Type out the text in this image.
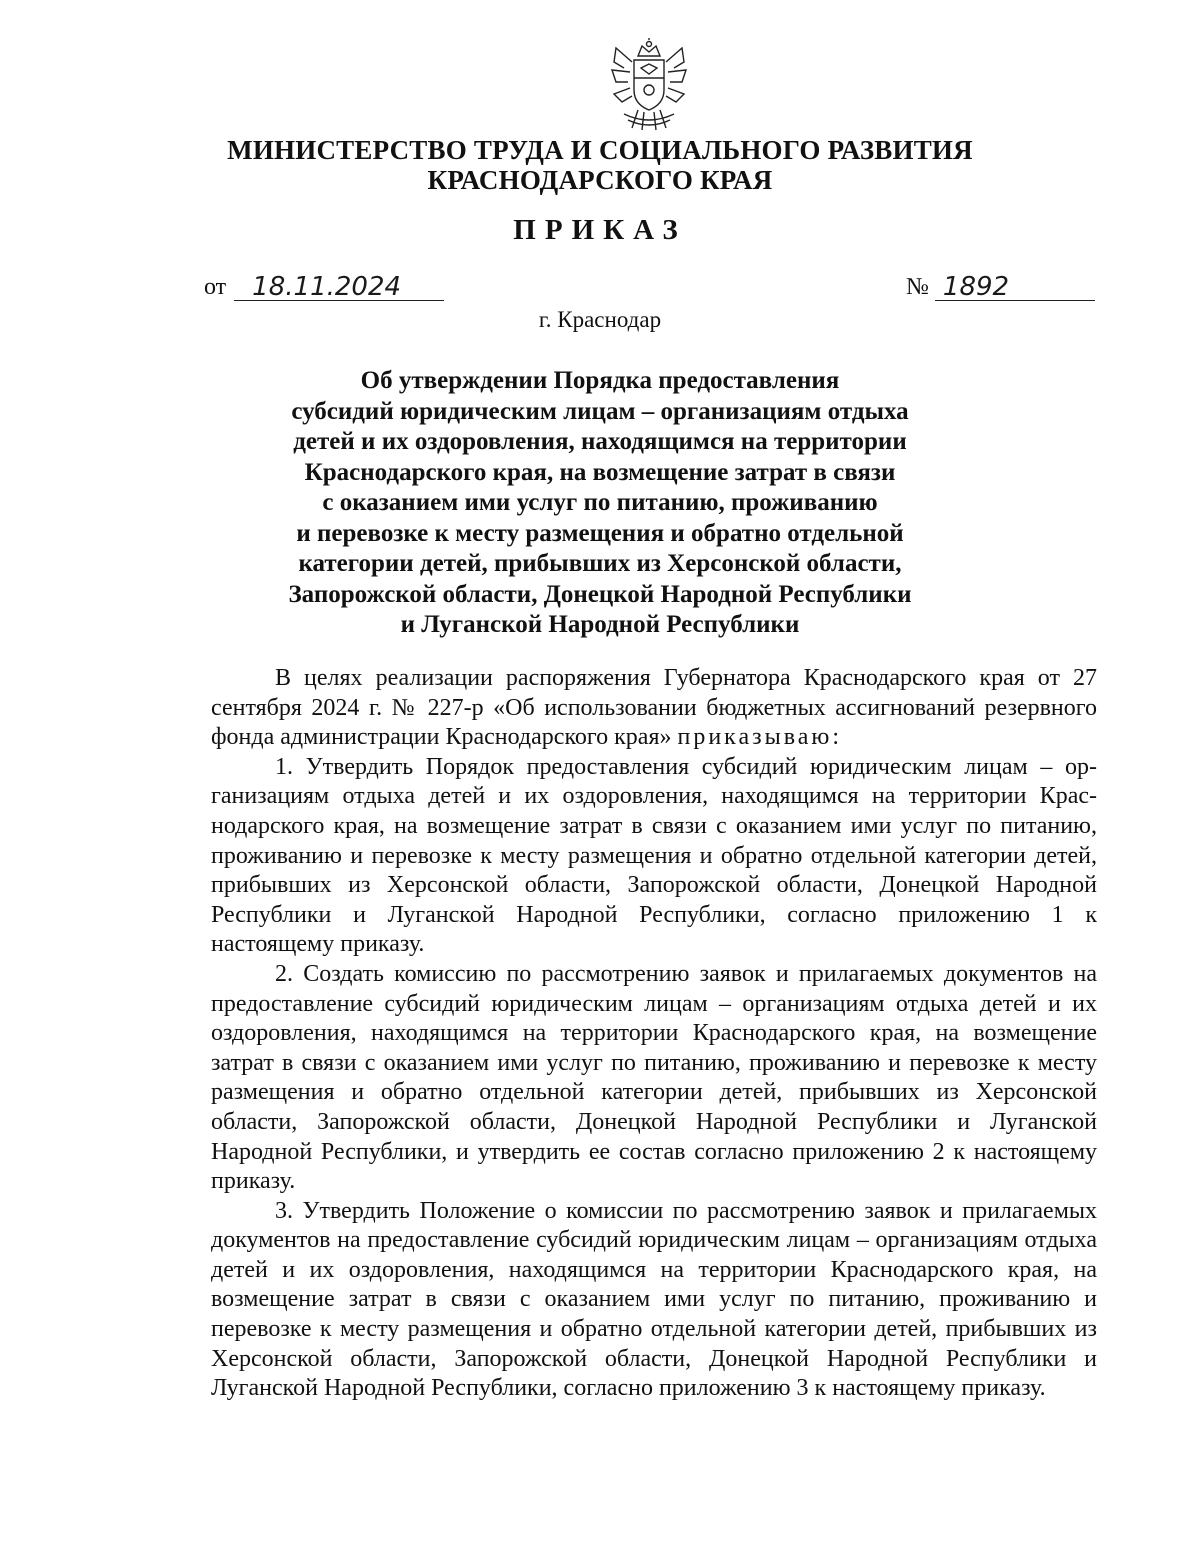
МИНИСТЕРСТВО ТРУДА И СОЦИАЛЬНОГО РАЗВИТИЯ
КРАСНОДАРСКОГО КРАЯ
ПРИКАЗ
от	18.11.2024	№ 1892
г. Краснодар
Об утверждении Порядка предоставления
субсидий юридическим лицам – организациям отдыха
детей и их оздоровления, находящимся на территории
Краснодарского края, на возмещение затрат в связи
с оказанием ими услуг по питанию, проживанию
и перевозке к месту размещения и обратно отдельной
категории детей, прибывших из Херсонской области,
Запорожской области, Донецкой Народной Республики
и Луганской Народной Республики

В целях реализации распоряжения Губернатора Краснодарского края от 27 сентября 2024 г. № 227-р «Об использовании бюджетных ассигнований резервного фонда администрации Краснодарского края» приказываю:

1. Утвердить Порядок предоставления субсидий юридическим лицам – организациям отдыха детей и их оздоровления, находящимся на территории Краснодарского края, на возмещение затрат в связи с оказанием ими услуг по питанию, проживанию и перевозке к месту размещения и обратно отдельной категории детей, прибывших из Херсонской области, Запорожской области, Донецкой Народной Республики и Луганской Народной Республики, согласно приложению 1 к настоящему приказу.

2. Создать комиссию по рассмотрению заявок и прилагаемых документов на предоставление субсидий юридическим лицам – организациям отдыха детей и их оздоровления, находящимся на территории Краснодарского края, на возмещение затрат в связи с оказанием ими услуг по питанию, проживанию и перевозке к месту размещения и обратно отдельной категории детей, прибывших из Херсонской области, Запорожской области, Донецкой Народной Республики и Луганской Народной Республики, и утвердить ее состав согласно приложению 2 к настоящему приказу.

3. Утвердить Положение о комиссии по рассмотрению заявок и прилагаемых документов на предоставление субсидий юридическим лицам – организациям отдыха детей и их оздоровления, находящимся на территории Краснодарского края, на возмещение затрат в связи с оказанием ими услуг по питанию, проживанию и перевозке к месту размещения и обратно отдельной категории детей, прибывших из Херсонской области, Запорожской области, Донецкой Народной Республики и Луганской Народной Республики, согласно приложению 3 к настоящему приказу.
